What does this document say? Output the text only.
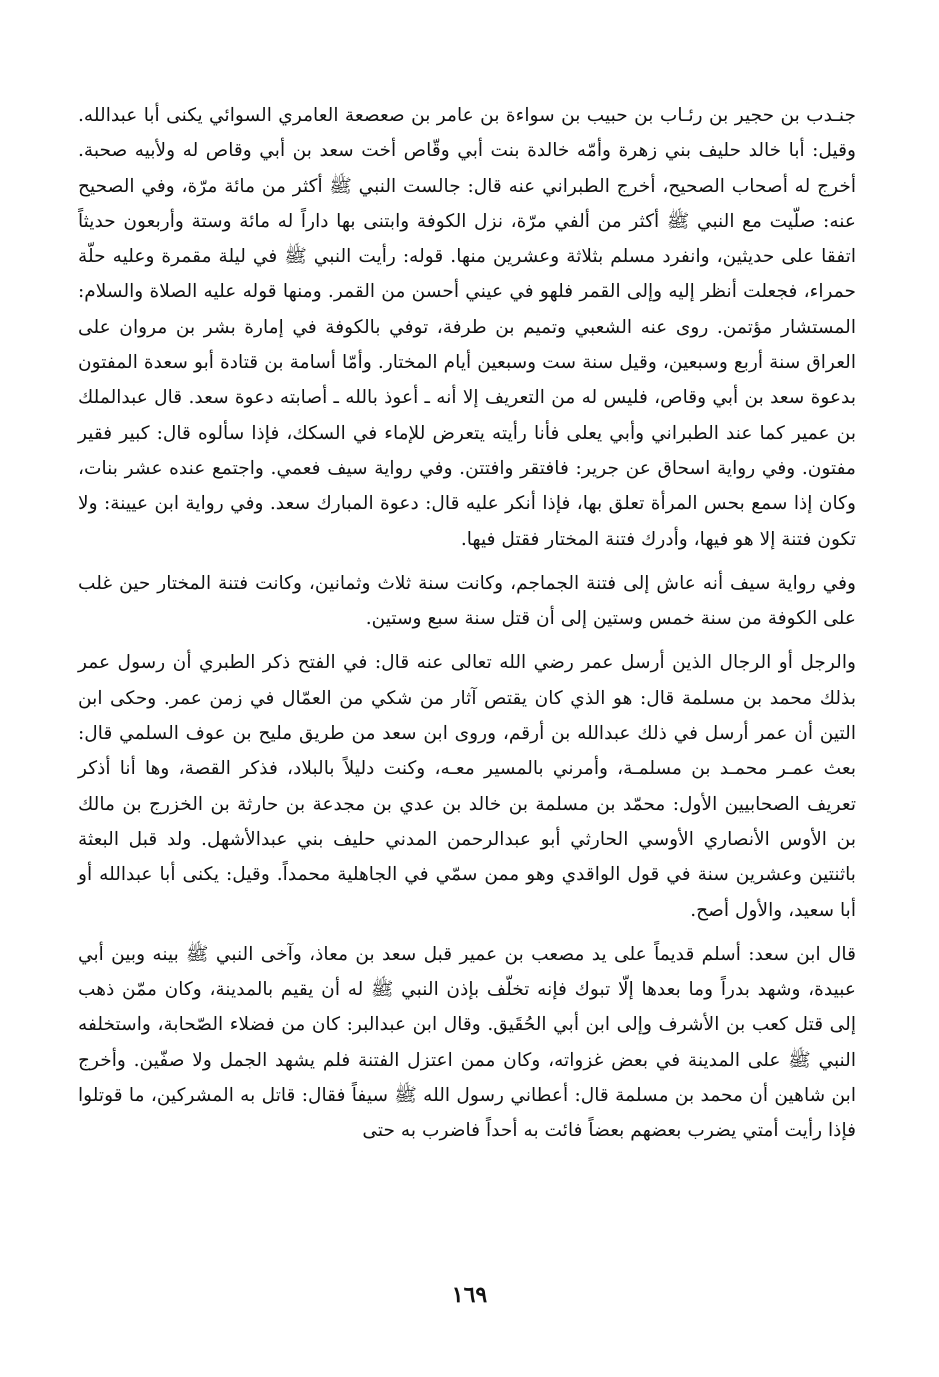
جنـدب بن حجير بن رئـاب بن حبيب بن سواءة بن عامر بن صعصعة العامري السوائي يكنى أبا عبدالله. وقيل: أبا خالد حليف بني زهرة وأمّه خالدة بنت أبي وقّاص أخت سعد بن أبي وقاص له ولأبيه صحبة. أخرج له أصحاب الصحيح، أخرج الطبراني عنه قال: جالست النبي ﷺ أكثر من مائة مرّة، وفي الصحيح عنه: صلّيت مع النبي ﷺ أكثر من ألفي مرّة، نزل الكوفة وابتنى بها داراً له مائة وستة وأربعون حديثاً اتفقا على حديثين، وانفرد مسلم بثلاثة وعشرين منها. قوله: رأيت النبي ﷺ في ليلة مقمرة وعليه حلّة حمراء، فجعلت أنظر إليه وإلى القمر فلهو في عيني أحسن من القمر. ومنها قوله عليه الصلاة والسلام: المستشار مؤتمن. روى عنه الشعبي وتميم بن طرفة، توفي بالكوفة في إمارة بشر بن مروان على العراق سنة أربع وسبعين، وقيل سنة ست وسبعين أيام المختار. وأمّا أسامة بن قتادة أبو سعدة المفتون بدعوة سعد بن أبي وقاص، فليس له من التعريف إلا أنه ـ أعوذ بالله ـ أصابته دعوة سعد. قال عبدالملك بن عمير كما عند الطبراني وأبي يعلى فأنا رأيته يتعرض للإماء في السكك، فإذا سألوه قال: كبير فقير مفتون. وفي رواية اسحاق عن جرير: فافتقر وافتتن. وفي رواية سيف فعمي. واجتمع عنده عشر بنات، وكان إذا سمع بحس المرأة تعلق بها، فإذا أنكر عليه قال: دعوة المبارك سعد. وفي رواية ابن عيينة: ولا تكون فتنة إلا هو فيها، وأدرك فتنة المختار فقتل فيها.

وفي رواية سيف أنه عاش إلى فتنة الجماجم، وكانت سنة ثلاث وثمانين، وكانت فتنة المختار حين غلب على الكوفة من سنة خمس وستين إلى أن قتل سنة سبع وستين.

والرجل أو الرجال الذين أرسل عمر رضي الله تعالى عنه قال: في الفتح ذكر الطبري أن رسول عمر بذلك محمد بن مسلمة قال: هو الذي كان يقتص آثار من شكي من العمّال في زمن عمر. وحكى ابن التين أن عمر أرسل في ذلك عبدالله بن أرقم، وروى ابن سعد من طريق مليح بن عوف السلمي قال: بعث عمـر محمـد بن مسلمـة، وأمرني بالمسير معـه، وكنت دليلاً بالبلاد، فذكر القصة، وها أنا أذكر تعريف الصحابيين الأول: محمّد بن مسلمة بن خالد بن عدي بن مجدعة بن حارثة بن الخزرج بن مالك بن الأوس الأنصاري الأوسي الحارثي أبو عبدالرحمن المدني حليف بني عبدالأشهل. ولد قبل البعثة باثنتين وعشرين سنة في قول الواقدي وهو ممن سمّي في الجاهلية محمداً. وقيل: يكنى أبا عبدالله أو أبا سعيد، والأول أصح.

قال ابن سعد: أسلم قديماً على يد مصعب بن عمير قبل سعد بن معاذ، وآخى النبي ﷺ بينه وبين أبي عبيدة، وشهد بدراً وما بعدها إلّا تبوك فإنه تخلّف بإذن النبي ﷺ له أن يقيم بالمدينة، وكان ممّن ذهب إلى قتل كعب بن الأشرف وإلى ابن أبي الحُقَيق. وقال ابن عبدالبر: كان من فضلاء الصّحابة، واستخلفه النبي ﷺ على المدينة في بعض غزواته، وكان ممن اعتزل الفتنة فلم يشهد الجمل ولا صفّين. وأخرج ابن شاهين أن محمد بن مسلمة قال: أعطاني رسول الله ﷺ سيفاً فقال: قاتل به المشركين، ما قوتلوا فإذا رأيت أمتي يضرب بعضهم بعضاً فائت به أحداً فاضرب به حتى

١٦٩
